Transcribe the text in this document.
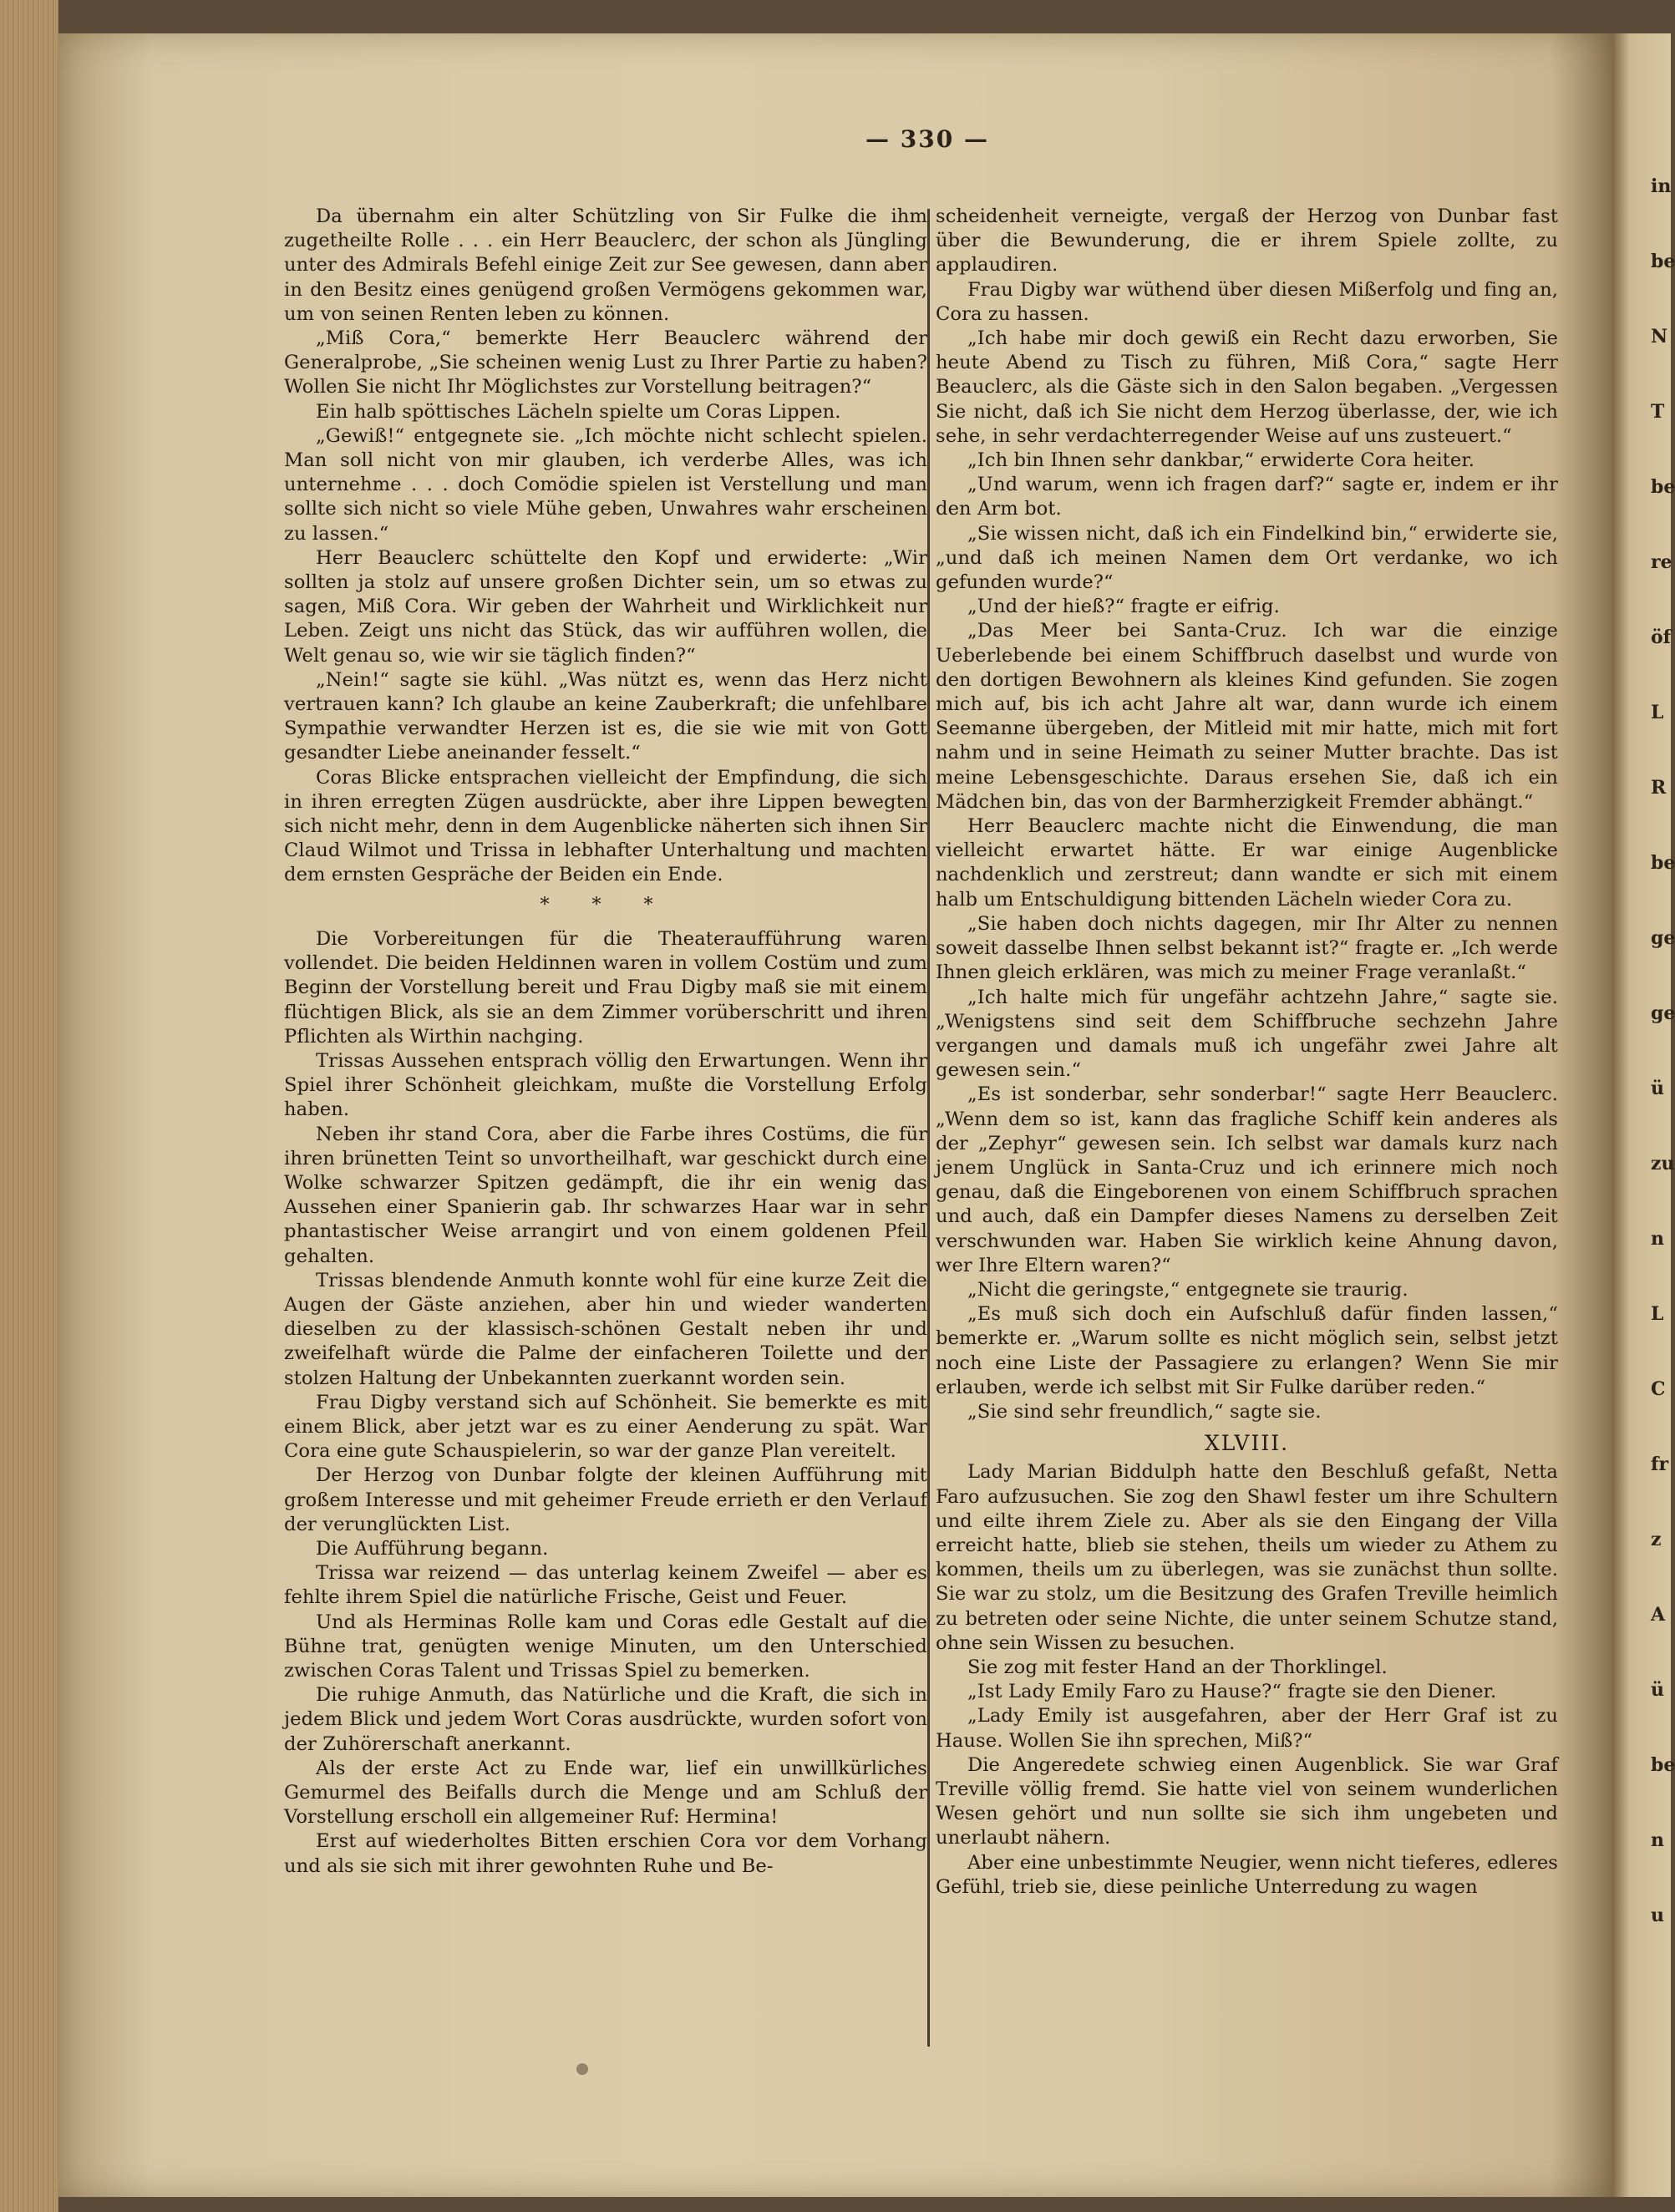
in
be
N
T
be
re
öf
L
R
be
ge
ge
ü
zu
n
L
C
fr
z
A
ü
be
n
u
— 330 —

Da übernahm ein alter Schützling von Sir Fulke die ihm zugetheilte Rolle . . . ein Herr Beauclerc, der schon als Jüngling unter des Admirals Befehl einige Zeit zur See gewesen, dann aber in den Besitz eines genügend großen Vermögens gekommen war, um von seinen Renten leben zu können.

„Miß Cora,“ bemerkte Herr Beauclerc während der Generalprobe, „Sie scheinen wenig Lust zu Ihrer Partie zu haben? Wollen Sie nicht Ihr Möglichstes zur Vorstellung beitragen?“

Ein halb spöttisches Lächeln spielte um Coras Lippen.

„Gewiß!“ entgegnete sie. „Ich möchte nicht schlecht spielen. Man soll nicht von mir glauben, ich verderbe Alles, was ich unternehme . . . doch Comödie spielen ist Verstellung und man sollte sich nicht so viele Mühe geben, Unwahres wahr erscheinen zu lassen.“

Herr Beauclerc schüttelte den Kopf und erwiderte: „Wir sollten ja stolz auf unsere großen Dichter sein, um so etwas zu sagen, Miß Cora. Wir geben der Wahrheit und Wirklichkeit nur Leben. Zeigt uns nicht das Stück, das wir aufführen wollen, die Welt genau so, wie wir sie täglich finden?“

„Nein!“ sagte sie kühl. „Was nützt es, wenn das Herz nicht vertrauen kann? Ich glaube an keine Zauberkraft; die unfehlbare Sympathie verwandter Herzen ist es, die sie wie mit von Gott gesandter Liebe aneinander fesselt.“

Coras Blicke entsprachen vielleicht der Empfindung, die sich in ihren erregten Zügen ausdrückte, aber ihre Lippen bewegten sich nicht mehr, denn in dem Augenblicke näherten sich ihnen Sir Claud Wilmot und Trissa in lebhafter Unterhaltung und machten dem ernsten Gespräche der Beiden ein Ende.

* * *

Die Vorbereitungen für die Theateraufführung waren vollendet. Die beiden Heldinnen waren in vollem Costüm und zum Beginn der Vorstellung bereit und Frau Digby maß sie mit einem flüchtigen Blick, als sie an dem Zimmer vorüberschritt und ihren Pflichten als Wirthin nachging.

Trissas Aussehen entsprach völlig den Erwartungen. Wenn ihr Spiel ihrer Schönheit gleichkam, mußte die Vorstellung Erfolg haben.

Neben ihr stand Cora, aber die Farbe ihres Costüms, die für ihren brünetten Teint so unvortheilhaft, war geschickt durch eine Wolke schwarzer Spitzen gedämpft, die ihr ein wenig das Aussehen einer Spanierin gab. Ihr schwarzes Haar war in sehr phantastischer Weise arrangirt und von einem goldenen Pfeil gehalten.

Trissas blendende Anmuth konnte wohl für eine kurze Zeit die Augen der Gäste anziehen, aber hin und wieder wanderten dieselben zu der klassisch-schönen Gestalt neben ihr und zweifelhaft würde die Palme der einfacheren Toilette und der stolzen Haltung der Unbekannten zuerkannt worden sein.

Frau Digby verstand sich auf Schönheit. Sie bemerkte es mit einem Blick, aber jetzt war es zu einer Aenderung zu spät. War Cora eine gute Schauspielerin, so war der ganze Plan vereitelt.

Der Herzog von Dunbar folgte der kleinen Aufführung mit großem Interesse und mit geheimer Freude errieth er den Verlauf der verunglückten List.

Die Aufführung begann.

Trissa war reizend — das unterlag keinem Zweifel — aber es fehlte ihrem Spiel die natürliche Frische, Geist und Feuer.

Und als Herminas Rolle kam und Coras edle Gestalt auf die Bühne trat, genügten wenige Minuten, um den Unterschied zwischen Coras Talent und Trissas Spiel zu bemerken.

Die ruhige Anmuth, das Natürliche und die Kraft, die sich in jedem Blick und jedem Wort Coras ausdrückte, wurden sofort von der Zuhörerschaft anerkannt.

Als der erste Act zu Ende war, lief ein unwillkürliches Gemurmel des Beifalls durch die Menge und am Schluß der Vorstellung erscholl ein allgemeiner Ruf: Hermina!

Erst auf wiederholtes Bitten erschien Cora vor dem Vorhang und als sie sich mit ihrer gewohnten Ruhe und Be-

scheidenheit verneigte, vergaß der Herzog von Dunbar fast über die Bewunderung, die er ihrem Spiele zollte, zu applaudiren.

Frau Digby war wüthend über diesen Mißerfolg und fing an, Cora zu hassen.

„Ich habe mir doch gewiß ein Recht dazu erworben, Sie heute Abend zu Tisch zu führen, Miß Cora,“ sagte Herr Beauclerc, als die Gäste sich in den Salon begaben. „Vergessen Sie nicht, daß ich Sie nicht dem Herzog überlasse, der, wie ich sehe, in sehr verdachterregender Weise auf uns zusteuert.“

„Ich bin Ihnen sehr dankbar,“ erwiderte Cora heiter.

„Und warum, wenn ich fragen darf?“ sagte er, indem er ihr den Arm bot.

„Sie wissen nicht, daß ich ein Findelkind bin,“ erwiderte sie, „und daß ich meinen Namen dem Ort verdanke, wo ich gefunden wurde?“

„Und der hieß?“ fragte er eifrig.

„Das Meer bei Santa-Cruz. Ich war die einzige Ueberlebende bei einem Schiffbruch daselbst und wurde von den dortigen Bewohnern als kleines Kind gefunden. Sie zogen mich auf, bis ich acht Jahre alt war, dann wurde ich einem Seemanne übergeben, der Mitleid mit mir hatte, mich mit fort nahm und in seine Heimath zu seiner Mutter brachte. Das ist meine Lebensgeschichte. Daraus ersehen Sie, daß ich ein Mädchen bin, das von der Barmherzigkeit Fremder abhängt.“

Herr Beauclerc machte nicht die Einwendung, die man vielleicht erwartet hätte. Er war einige Augenblicke nachdenklich und zerstreut; dann wandte er sich mit einem halb um Entschuldigung bittenden Lächeln wieder Cora zu.

„Sie haben doch nichts dagegen, mir Ihr Alter zu nennen soweit dasselbe Ihnen selbst bekannt ist?“ fragte er. „Ich werde Ihnen gleich erklären, was mich zu meiner Frage veranlaßt.“

„Ich halte mich für ungefähr achtzehn Jahre,“ sagte sie. „Wenigstens sind seit dem Schiffbruche sechzehn Jahre vergangen und damals muß ich ungefähr zwei Jahre alt gewesen sein.“

„Es ist sonderbar, sehr sonderbar!“ sagte Herr Beauclerc. „Wenn dem so ist, kann das fragliche Schiff kein anderes als der „Zephyr“ gewesen sein. Ich selbst war damals kurz nach jenem Unglück in Santa-Cruz und ich erinnere mich noch genau, daß die Eingeborenen von einem Schiffbruch sprachen und auch, daß ein Dampfer dieses Namens zu derselben Zeit verschwunden war. Haben Sie wirklich keine Ahnung davon, wer Ihre Eltern waren?“

„Nicht die geringste,“ entgegnete sie traurig.

„Es muß sich doch ein Aufschluß dafür finden lassen,“ bemerkte er. „Warum sollte es nicht möglich sein, selbst jetzt noch eine Liste der Passagiere zu erlangen? Wenn Sie mir erlauben, werde ich selbst mit Sir Fulke darüber reden.“

„Sie sind sehr freundlich,“ sagte sie.

XLVIII.

Lady Marian Biddulph hatte den Beschluß gefaßt, Netta Faro aufzusuchen. Sie zog den Shawl fester um ihre Schultern und eilte ihrem Ziele zu. Aber als sie den Eingang der Villa erreicht hatte, blieb sie stehen, theils um wieder zu Athem zu kommen, theils um zu überlegen, was sie zunächst thun sollte. Sie war zu stolz, um die Besitzung des Grafen Treville heimlich zu betreten oder seine Nichte, die unter seinem Schutze stand, ohne sein Wissen zu besuchen.

Sie zog mit fester Hand an der Thorklingel.

„Ist Lady Emily Faro zu Hause?“ fragte sie den Diener.

„Lady Emily ist ausgefahren, aber der Herr Graf ist zu Hause. Wollen Sie ihn sprechen, Miß?“

Die Angeredete schwieg einen Augenblick. Sie war Graf Treville völlig fremd. Sie hatte viel von seinem wunderlichen Wesen gehört und nun sollte sie sich ihm ungebeten und unerlaubt nähern.

Aber eine unbestimmte Neugier, wenn nicht tieferes, edleres Gefühl, trieb sie, diese peinliche Unterredung zu wagen
